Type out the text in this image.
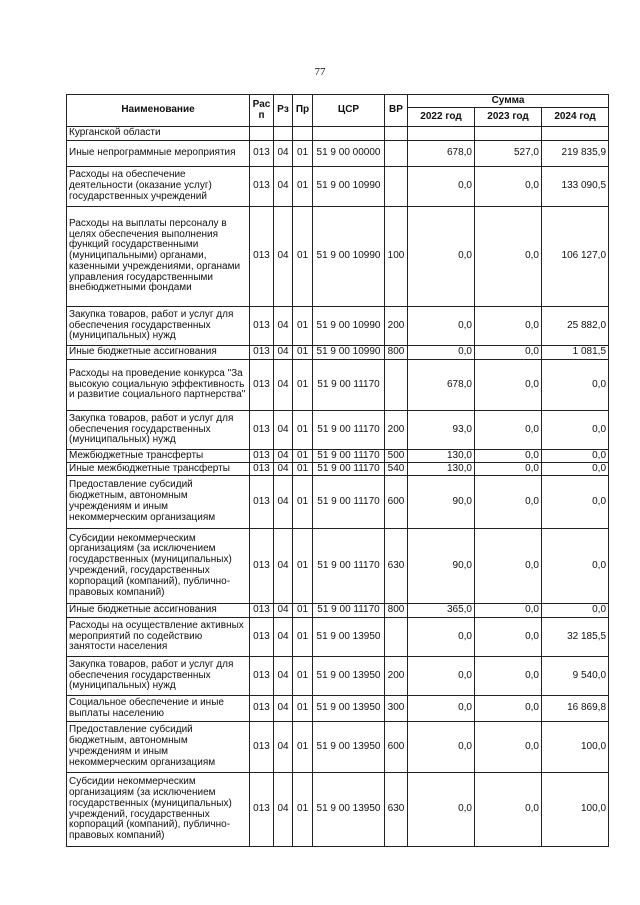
77
Наименование	Рас п	Рз	Пр	ЦСР	ВР	Сумма		
						2022 год	2023 год	2024 год
Курганской области								
Иные непрограммные мероприятия	013	04	01	51 9 00 00000		678,0	527,0	219 835,9
Расходы на обеспечение деятельности (оказание услуг) государственных учреждений	013	04	01	51 9 00 10990		0,0	0,0	133 090,5
Расходы на выплаты персоналу в целях обеспечения выполнения функций государственными (муниципальными) органами, казенными учреждениями, органами управления государственными внебюджетными фондами	013	04	01	51 9 00 10990	100	0,0	0,0	106 127,0
Закупка товаров, работ и услуг для обеспечения государственных (муниципальных) нужд	013	04	01	51 9 00 10990	200	0,0	0,0	25 882,0
Иные бюджетные ассигнования	013	04	01	51 9 00 10990	800	0,0	0,0	1 081,5
Расходы на проведение конкурса "За высокую социальную эффективность и развитие социального партнерства"	013	04	01	51 9 00 11170		678,0	0,0	0,0
Закупка товаров, работ и услуг для обеспечения государственных (муниципальных) нужд	013	04	01	51 9 00 11170	200	93,0	0,0	0,0
Межбюджетные трансферты	013	04	01	51 9 00 11170	500	130,0	0,0	0,0
Иные межбюджетные трансферты	013	04	01	51 9 00 11170	540	130,0	0,0	0,0
Предоставление субсидий бюджетным, автономным учреждениям и иным некоммерческим организациям	013	04	01	51 9 00 11170	600	90,0	0,0	0,0
Субсидии некоммерческим организациям (за исключением государственных (муниципальных) учреждений, государственных корпораций (компаний), публично-правовых компаний)	013	04	01	51 9 00 11170	630	90,0	0,0	0,0
Иные бюджетные ассигнования	013	04	01	51 9 00 11170	800	365,0	0,0	0,0
Расходы на осуществление активных мероприятий по содействию занятости населения	013	04	01	51 9 00 13950		0,0	0,0	32 185,5
Закупка товаров, работ и услуг для обеспечения государственных (муниципальных) нужд	013	04	01	51 9 00 13950	200	0,0	0,0	9 540,0
Социальное обеспечение и иные выплаты населению	013	04	01	51 9 00 13950	300	0,0	0,0	16 869,8
Предоставление субсидий бюджетным, автономным учреждениям и иным некоммерческим организациям	013	04	01	51 9 00 13950	600	0,0	0,0	100,0
Субсидии некоммерческим организациям (за исключением государственных (муниципальных) учреждений, государственных корпораций (компаний), публично-правовых компаний)	013	04	01	51 9 00 13950	630	0,0	0,0	100,0
